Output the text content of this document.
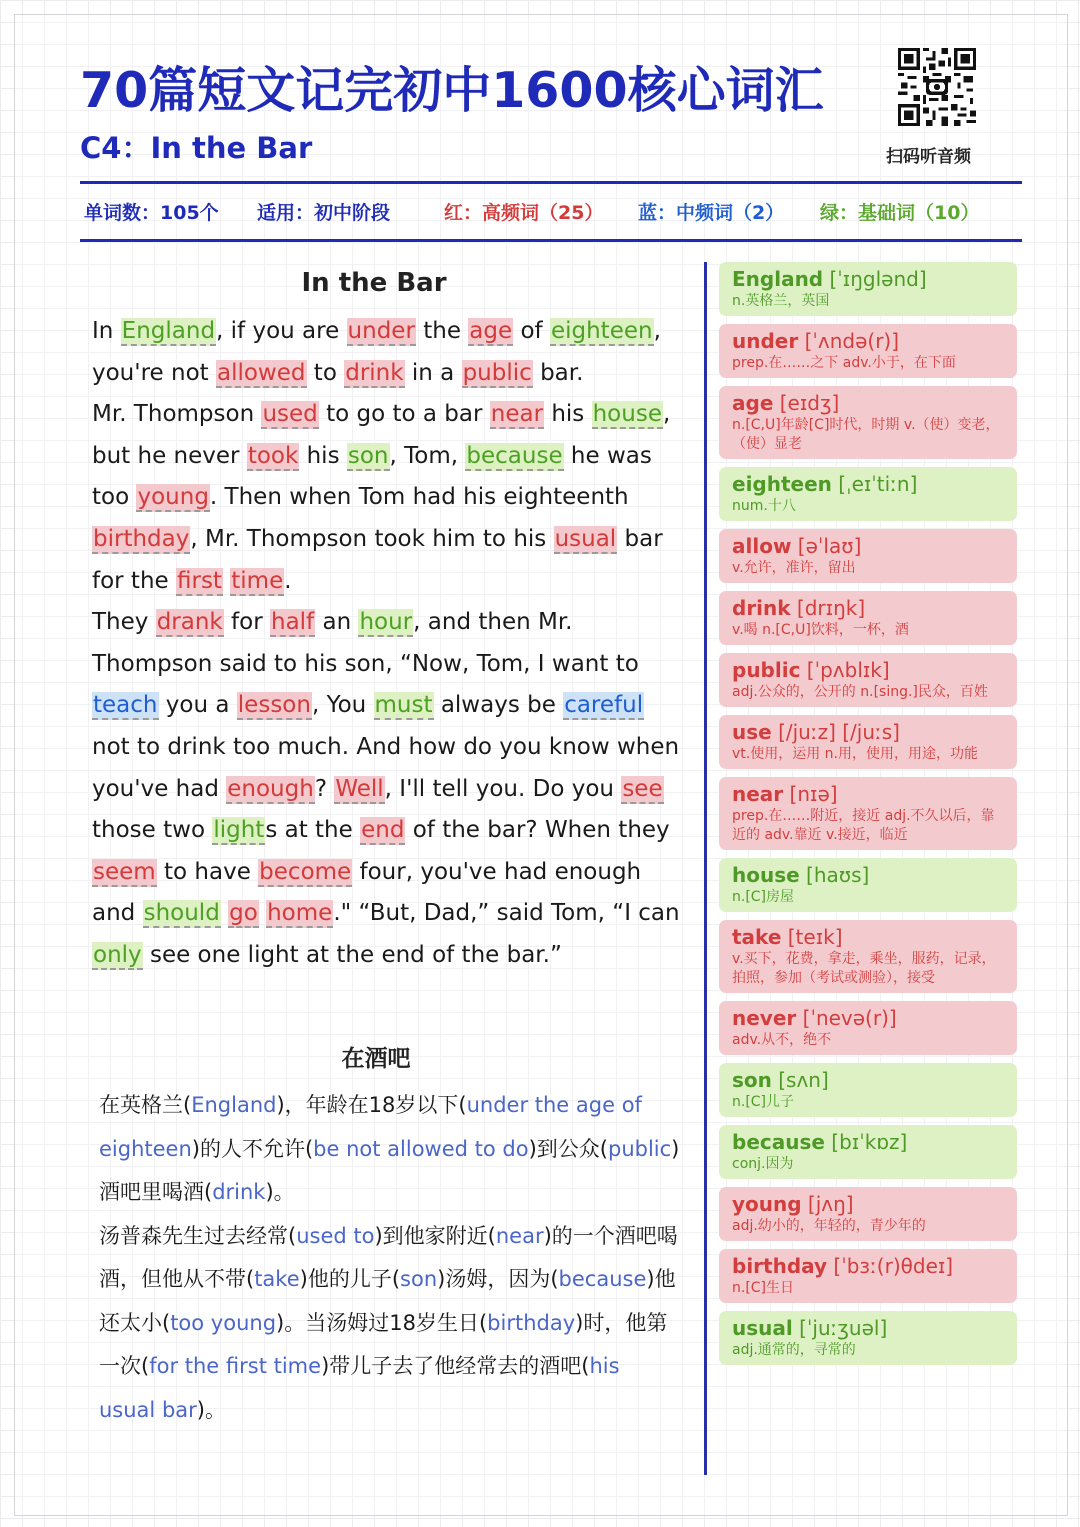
70篇短文记完初中1600核心词汇
C4：In the Bar	扫码听音频
单词数：105个 适用：初中阶段	红：高频词（25） 蓝：中频词（2） 绿：基础词（10）
In the Bar

In England, if you are under the age of eighteen, you're not allowed to drink in a public bar.

Mr. Thompson used to go to a bar near his house, but he never took his son, Tom, because he was too young. Then when Tom had his eighteenth birthday, Mr. Thompson took him to his usual bar for the first time.

They drank for half an hour, and then Mr. Thompson said to his son, “Now, Tom, I want to teach you a lesson, You must always be careful not to drink too much. And how do you know when you've had enough? Well, I'll tell you. Do you see those two lights at the end of the bar? When they seem to have become four, you've had enough and should go home." “But, Dad,” said Tom, “I can only see one light at the end of the bar.”

在酒吧

在英格兰(England)，年龄在18岁以下(under the age of eighteen)的人不允许(be not allowed to do)到公众(public)酒吧里喝酒(drink)。

汤普森先生过去经常(used to)到他家附近(near)的一个酒吧喝酒，但他从不带(take)他的儿子(son)汤姆，因为(because)他还太小(too young)。当汤姆过18岁生日(birthday)时，他第一次(for the first time)带儿子去了他经常去的酒吧(his usual bar)。

England [ˈɪŋglənd]
n.英格兰，英国
under [ˈʌndə(r)]
prep.在……之下 adv.小于，在下面
age [eɪdʒ]
n.[C,U]年龄[C]时代，时期 v.（使）变老，（使）显老
eighteen [ˌeɪˈtiːn]
num.十八
allow [əˈlaʊ]
v.允许，准许，留出
drink [drɪŋk]
v.喝 n.[C,U]饮料，一杯，酒
public [ˈpʌblɪk]
adj.公众的，公开的 n.[sing.]民众，百姓
use [/juːz] [/juːs]
vt.使用，运用 n.用，使用，用途，功能
near [nɪə]
prep.在……附近，接近 adj.不久以后，靠近的 adv.靠近 v.接近，临近
house [haʊs]
n.[C]房屋
take [teɪk]
v.买下，花费，拿走，乘坐，服药，记录，拍照，参加（考试或测验），接受
never [ˈnevə(r)]
adv.从不，绝不
son [sʌn]
n.[C]儿子
because [bɪˈkɒz]
conj.因为
young [jʌŋ]
adj.幼小的，年轻的，青少年的
birthday [ˈbɜː(r)θdeɪ]
n.[C]生日
usual [ˈjuːʒuəl]
adj.通常的，寻常的
